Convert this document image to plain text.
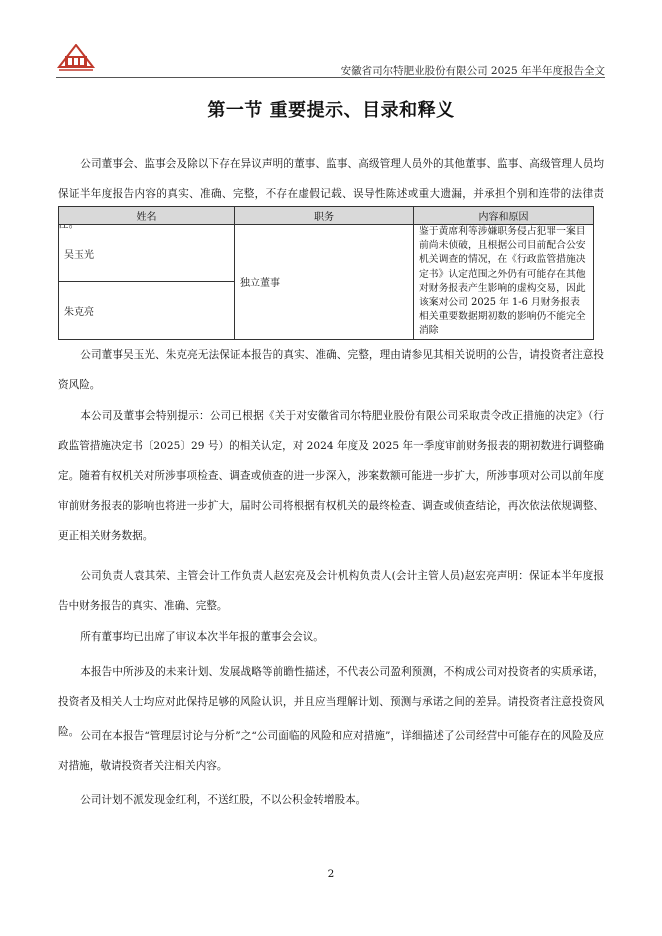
安徽省司尔特肥业股份有限公司 2025 年半年度报告全文
第一节 重要提示、目录和释义

公司董事会、监事会及除以下存在异议声明的董事、监事、高级管理人员外的其他董事、监事、高级管理人员均保证半年度报告内容的真实、准确、完整，不存在虚假记载、误导性陈述或重大遗漏，并承担个别和连带的法律责

姓名	职务	内容和原因
吴玉光	独立董事	鉴于黄席利等涉嫌职务侵占犯罪一案目前尚未侦破，且根据公司目前配合公安机关调查的情况，在《行政监管措施决定书》认定范围之外仍有可能存在其他对财务报表产生影响的虚构交易，因此该案对公司 2025 年 1-6 月财务报表相关重要数据期初数的影响仍不能完全消除
朱克亮		

公司董事吴玉光、朱克亮无法保证本报告的真实、准确、完整，理由请参见其相关说明的公告，请投资者注意投资风险。

本公司及董事会特别提示：公司已根据《关于对安徽省司尔特肥业股份有限公司采取责令改正措施的决定》（行政监管措施决定书〔2025〕29 号）的相关认定，对 2024 年度及 2025 年一季度审前财务报表的期初数进行调整确定。随着有权机关对所涉事项检查、调查或侦查的进一步深入，涉案数额可能进一步扩大，所涉事项对公司以前年度审前财务报表的影响也将进一步扩大，届时公司将根据有权机关的最终检查、调查或侦查结论，再次依法依规调整、更正相关财务数据。

公司负责人袁其荣、主管会计工作负责人赵宏亮及会计机构负责人(会计主管人员)赵宏亮声明：保证本半年度报告中财务报告的真实、准确、完整。

所有董事均已出席了审议本次半年报的董事会会议。

本报告中所涉及的未来计划、发展战略等前瞻性描述，不代表公司盈利预测，不构成公司对投资者的实质承诺，投资者及相关人士均应对此保持足够的风险认识，并且应当理解计划、预测与承诺之间的差异。请投资者注意投资风险。 公司在本报告“管理层讨论与分析”之“公司面临的风险和应对措施”，详细描述了公司经营中可能存在的风险及应对措施，敬请投资者关注相关内容。

公司计划不派发现金红利，不送红股，不以公积金转增股本。

2
